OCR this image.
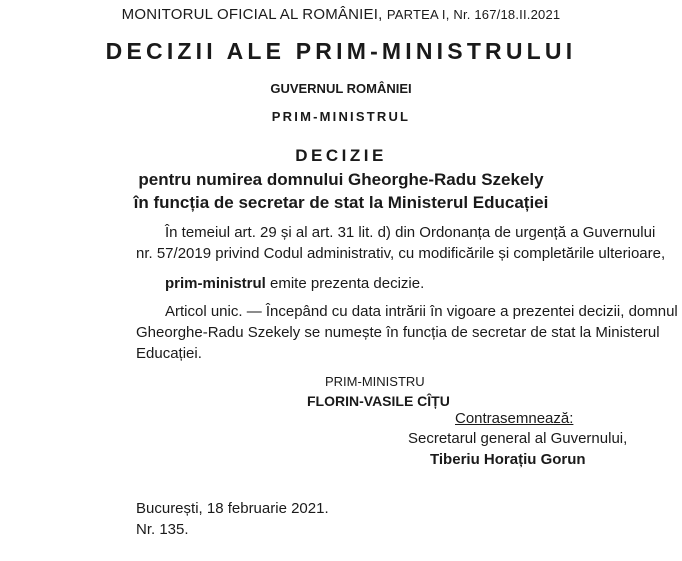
MONITORUL OFICIAL AL ROMÂNIEI, PARTEA I, Nr. 167/18.II.2021
DECIZII ALE PRIM-MINISTRULUI
GUVERNUL ROMÂNIEI
PRIM-MINISTRUL
DECIZIE
pentru numirea domnului Gheorghe-Radu Szekely
în funcția de secretar de stat la Ministerul Educației
În temeiul art. 29 și al art. 31 lit. d) din Ordonanța de urgență a Guvernului
nr. 57/2019 privind Codul administrativ, cu modificările și completările ulterioare,
prim-ministrul emite prezenta decizie.
Articol unic. — Începând cu data intrării în vigoare a prezentei decizii, domnul
Gheorghe-Radu Szekely se numește în funcția de secretar de stat la Ministerul
Educației.
PRIM-MINISTRU
FLORIN-VASILE CÎȚU
Contrasemnează:
Secretarul general al Guvernului,
Tiberiu Horațiu Gorun
București, 18 februarie 2021.
Nr. 135.
